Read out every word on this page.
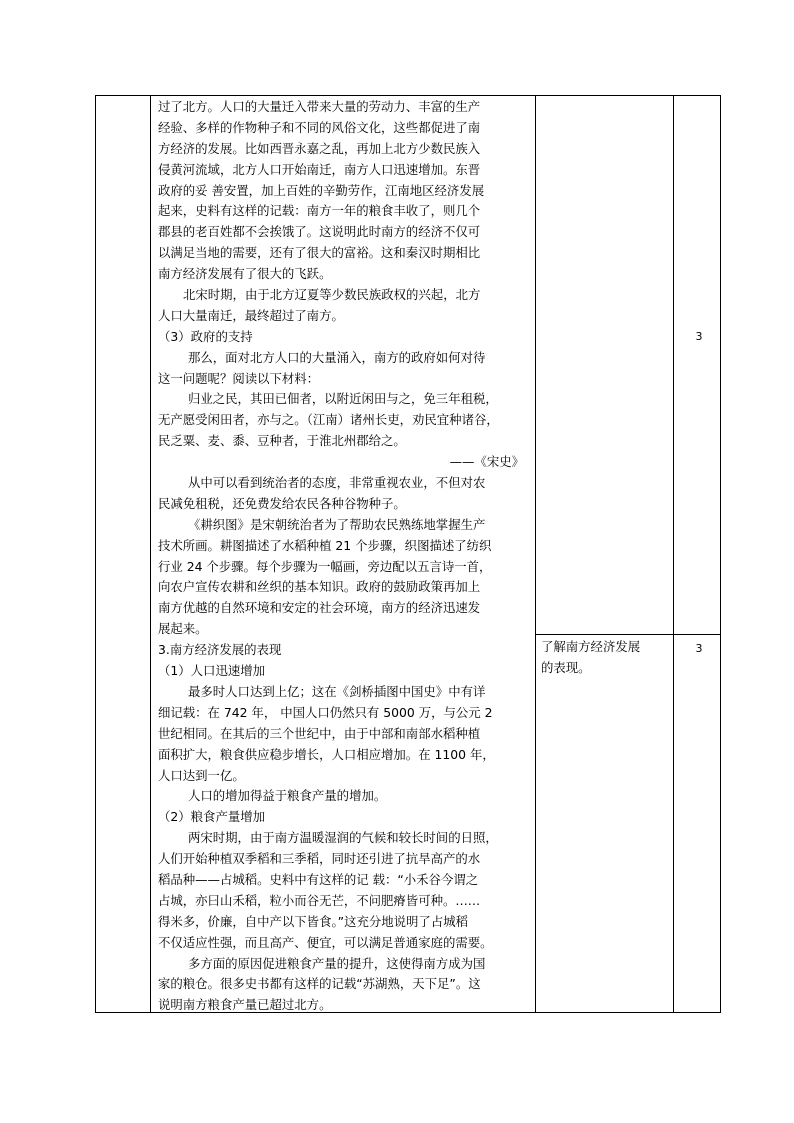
过了北方。人口的大量迁入带来大量的劳动力、丰富的生产
经验、多样的作物种子和不同的风俗文化，这些都促进了南
方经济的发展。比如西晋永嘉之乱，再加上北方少数民族入
侵黄河流域，北方人口开始南迁，南方人口迅速增加。东晋
政府的妥 善安置，加上百姓的辛勤劳作，江南地区经济发展
起来，史料有这样的记载：南方一年的粮食丰收了，则几个
郡县的老百姓都不会挨饿了。这说明此时南方的经济不仅可
以满足当地的需要，还有了很大的富裕。这和秦汉时期相比
南方经济发展有了很大的飞跃。
北宋时期，由于北方辽夏等少数民族政权的兴起，北方
人口大量南迁，最终超过了南方。
（3）政府的支持
那么，面对北方人口的大量涌入，南方的政府如何对待
这一问题呢？阅读以下材料：
归业之民，其田已佃者，以附近闲田与之，免三年租税，
无产愿受闲田者，亦与之。（江南）诸州长吏，劝民宜种诸谷，
民乏粟、麦、黍、豆种者，于淮北州郡给之。
——《宋史》
从中可以看到统治者的态度，非常重视农业，不但对农
民减免租税，还免费发给农民各种谷物种子。
《耕织图》是宋朝统治者为了帮助农民熟练地掌握生产
技术所画。耕图描述了水稻种植 21 个步骤，织图描述了纺织
行业 24 个步骤。每个步骤为一幅画，旁边配以五言诗一首，
向农户宣传农耕和丝织的基本知识。政府的鼓励政策再加上
南方优越的自然环境和安定的社会环境，南方的经济迅速发
展起来。
3.南方经济发展的表现
（1）人口迅速增加
最多时人口达到上亿；这在《剑桥插图中国史》中有详
细记载：在 742 年， 中国人口仍然只有 5000 万，与公元 2
世纪相同。在其后的三个世纪中，由于中部和南部水稻种植
面积扩大，粮食供应稳步增长，人口相应增加。在 1100 年，
人口达到一亿。
人口的增加得益于粮食产量的增加。
（2）粮食产量增加
两宋时期，由于南方温暖湿润的气候和较长时间的日照，
人们开始种植双季稻和三季稻，同时还引进了抗旱高产的水
稻品种——占城稻。史料中有这样的记 载：“小禾谷今谓之
占城，亦曰山禾稻，粒小而谷无芒，不问肥瘠皆可种。……
得米多，价廉，自中产以下皆食。”这充分地说明了占城稻
不仅适应性强，而且高产、便宜，可以满足普通家庭的需要。
多方面的原因促进粮食产量的提升，这使得南方成为国
家的粮仓。很多史书都有这样的记载“苏湖熟，天下足”。这
说明南方粮食产量已超过北方。
了解南方经济发展
的表现。
3
3
